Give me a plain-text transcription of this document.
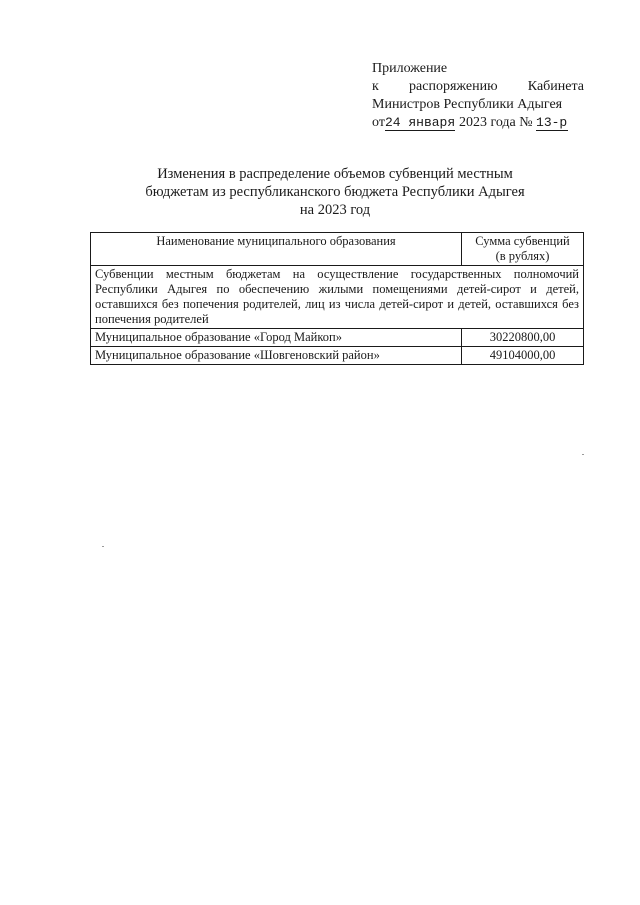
Приложение
к распоряжению Кабинета
Министров Республики Адыгея
от 24 января 2023 года № 13-р
Изменения в распределение объемов субвенций местным
бюджетам из республиканского бюджета Республики Адыгея
на 2023 год
Наименование муниципального образования	Сумма субвенций
(в рублях)

Субвенции местным бюджетам на осуществление государственных полномочий Республики Адыгея по обеспечению жилыми помещениями детей-сирот и детей, оставшихся без попечения родителей, лиц из числа детей-сирот и детей, оставшихся без попечения родителей	
Муниципальное образование «Город Майкоп»	30220800,00
Муниципальное образование «Шовгеновский район»	49104000,00
